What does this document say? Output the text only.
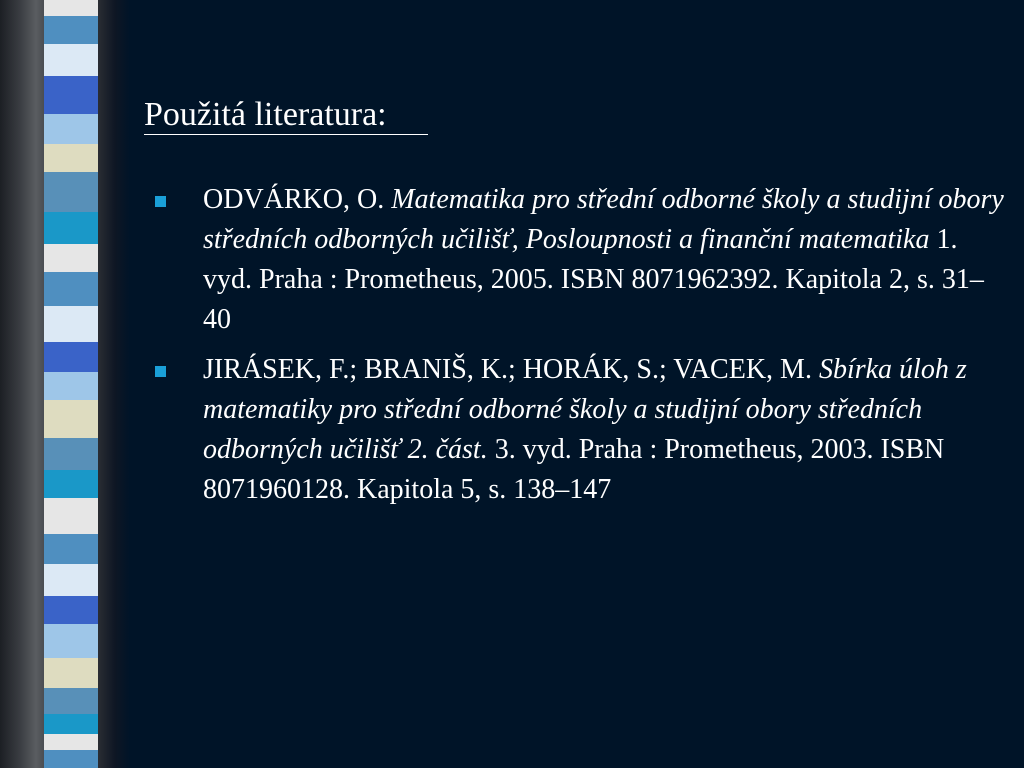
Použitá literatura:
ODVÁRKO, O. Matematika pro střední odborné školy a studijní obory středních odborných učilišť, Posloupnosti a finanční matematika 1. vyd. Praha : Prometheus, 2005. ISBN 8071962392. Kapitola 2, s. 31–40
JIRÁSEK, F.; BRANIŠ, K.; HORÁK, S.; VACEK, M. Sbírka úloh z matematiky pro střední odborné školy a studijní obory středních odborných učilišť 2. část. 3. vyd. Praha : Prometheus, 2003. ISBN 8071960128. Kapitola 5, s. 138–147
